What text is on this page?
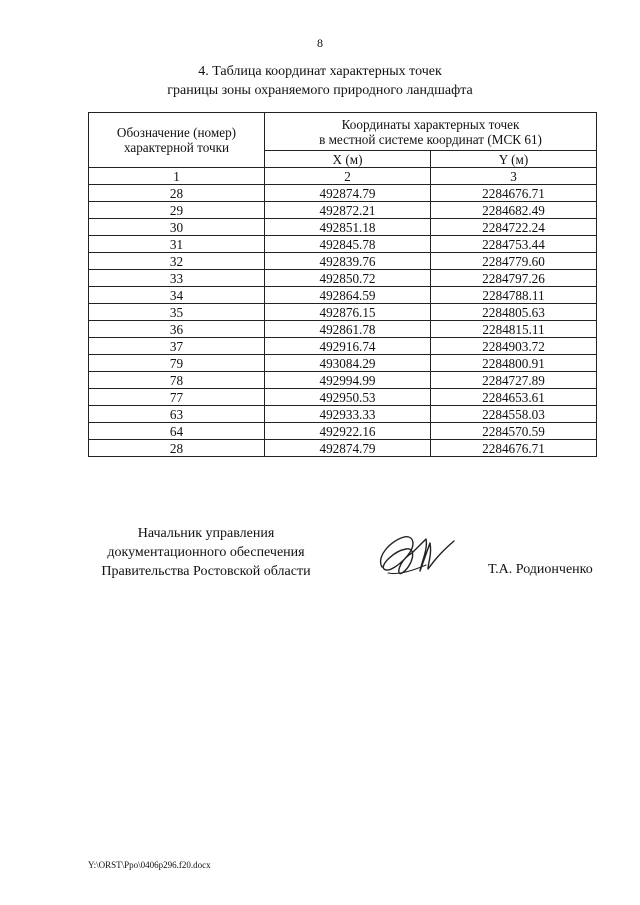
8
4. Таблица координат характерных точек
границы зоны охраняемого природного ландшафта
Обозначение (номер) характерной точки	Координаты характерных точек
в местной системе координат (МСК 61)	

	X (м)	Y (м)
1	2	3
28	492874.79	2284676.71
29	492872.21	2284682.49
30	492851.18	2284722.24
31	492845.78	2284753.44
32	492839.76	2284779.60
33	492850.72	2284797.26
34	492864.59	2284788.11
35	492876.15	2284805.63
36	492861.78	2284815.11
37	492916.74	2284903.72
79	493084.29	2284800.91
78	492994.99	2284727.89
77	492950.53	2284653.61
63	492933.33	2284558.03
64	492922.16	2284570.59
28	492874.79	2284676.71
Начальник управления
документационного обеспечения
Правительства Ростовской области	Т.А. Родионченко
Y:\ORST\Ppo\0406p296.f20.docx
